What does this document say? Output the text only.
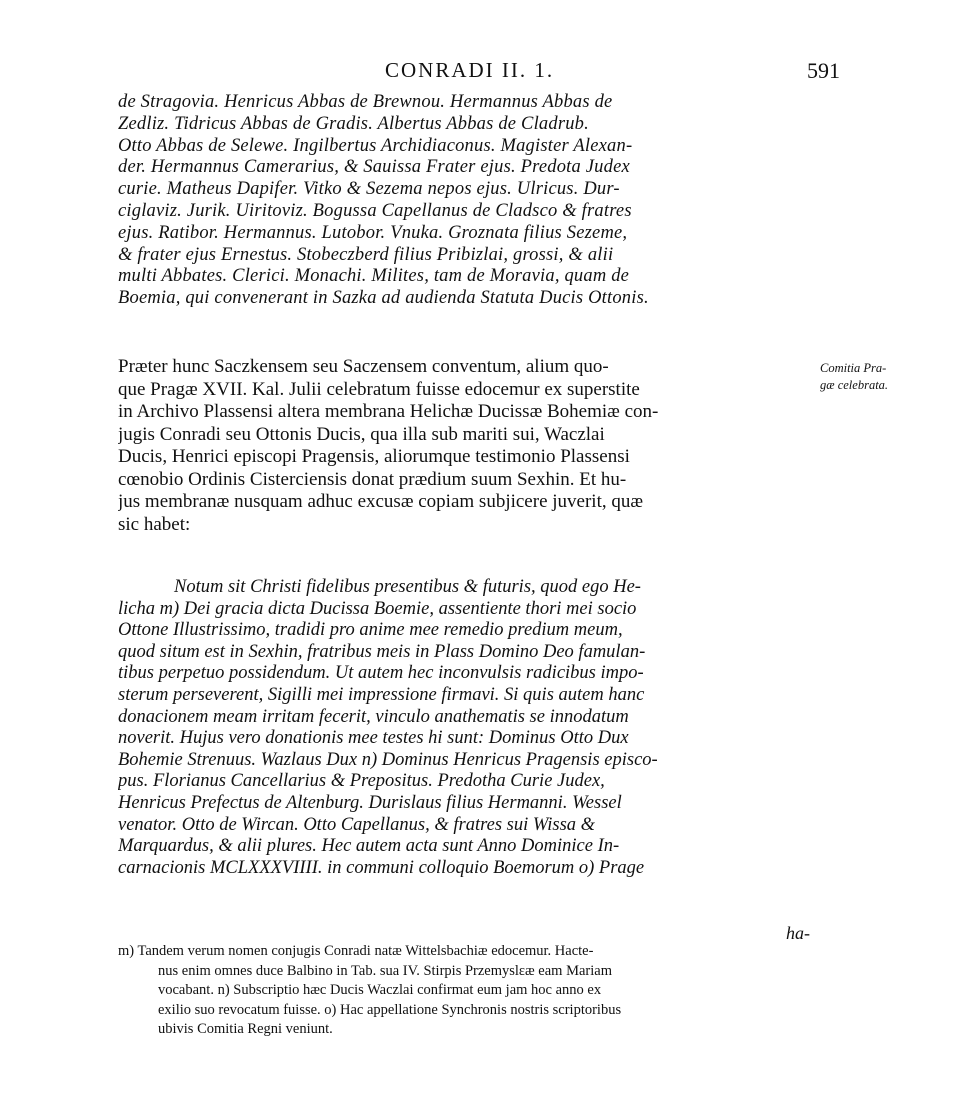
CONRADI II. 1.	591
de Stragovia. Henricus Abbas de Brewnou. Hermannus Abbas de
Zedliz. Tidricus Abbas de Gradis. Albertus Abbas de Cladrub.
Otto Abbas de Selewe. Ingilbertus Archidiaconus. Magister Alexan-
der. Hermannus Camerarius, & Sauissa Frater ejus. Predota Judex
curie. Matheus Dapifer. Vitko & Sezema nepos ejus. Ulricus. Dur-
ciglaviz. Jurik. Uiritoviz. Bogussa Capellanus de Cladsco & fratres
ejus. Ratibor. Hermannus. Lutobor. Vnuka. Groznata filius Sezeme,
& frater ejus Ernestus. Stobeczberd filius Pribizlai, grossi, & alii
multi Abbates. Clerici. Monachi. Milites, tam de Moravia, quam de
Boemia, qui convenerant in Sazka ad audienda Statuta Ducis Ottonis.
Præter hunc Saczkensem seu Saczensem conventum, alium quo-
que Pragæ XVII. Kal. Julii celebratum fuisse edocemur ex superstite
in Archivo Plassensi altera membrana Helichæ Ducissæ Bohemiæ con-
jugis Conradi seu Ottonis Ducis, qua illa sub mariti sui, Waczlai
Ducis, Henrici episcopi Pragensis, aliorumque testimonio Plassensi
cœnobio Ordinis Cisterciensis donat prædium suum Sexhin. Et hu-
jus membranæ nusquam adhuc excusæ copiam subjicere juverit, quæ
sic habet:
Comitia Pra-
gæ celebrata.
Notum sit Christi fidelibus presentibus & futuris, quod ego He-
licha m) Dei gracia dicta Ducissa Boemie, assentiente thori mei socio
Ottone Illustrissimo, tradidi pro anime mee remedio predium meum,
quod situm est in Sexhin, fratribus meis in Plass Domino Deo famulan-
tibus perpetuo possidendum. Ut autem hec inconvulsis radicibus impo-
sterum perseverent, Sigilli mei impressione firmavi. Si quis autem hanc
donacionem meam irritam fecerit, vinculo anathematis se innodatum
noverit. Hujus vero donationis mee testes hi sunt: Dominus Otto Dux
Bohemie Strenuus. Wazlaus Dux n) Dominus Henricus Pragensis episco-
pus. Florianus Cancellarius & Prepositus. Predotha Curie Judex,
Henricus Prefectus de Altenburg. Durislaus filius Hermanni. Wessel
venator. Otto de Wircan. Otto Capellanus, & fratres sui Wissa &
Marquardus, & alii plures. Hec autem acta sunt Anno Dominice In-
carnacionis MCLXXXVIIII. in communi colloquio Boemorum o) Prage
ha-
m) Tandem verum nomen conjugis Conradi natæ Wittelsbachiæ edocemur. Hacte-
nus enim omnes duce Balbino in Tab. sua IV. Stirpis Przemyslεæ eam Mariam
vocabant. n) Subscriptio hæc Ducis Waczlai confirmat eum jam hoc anno ex
exilio suo revocatum fuisse. o) Hac appellatione Synchronis nostris scriptoribus
ubivis Comitia Regni veniunt.
